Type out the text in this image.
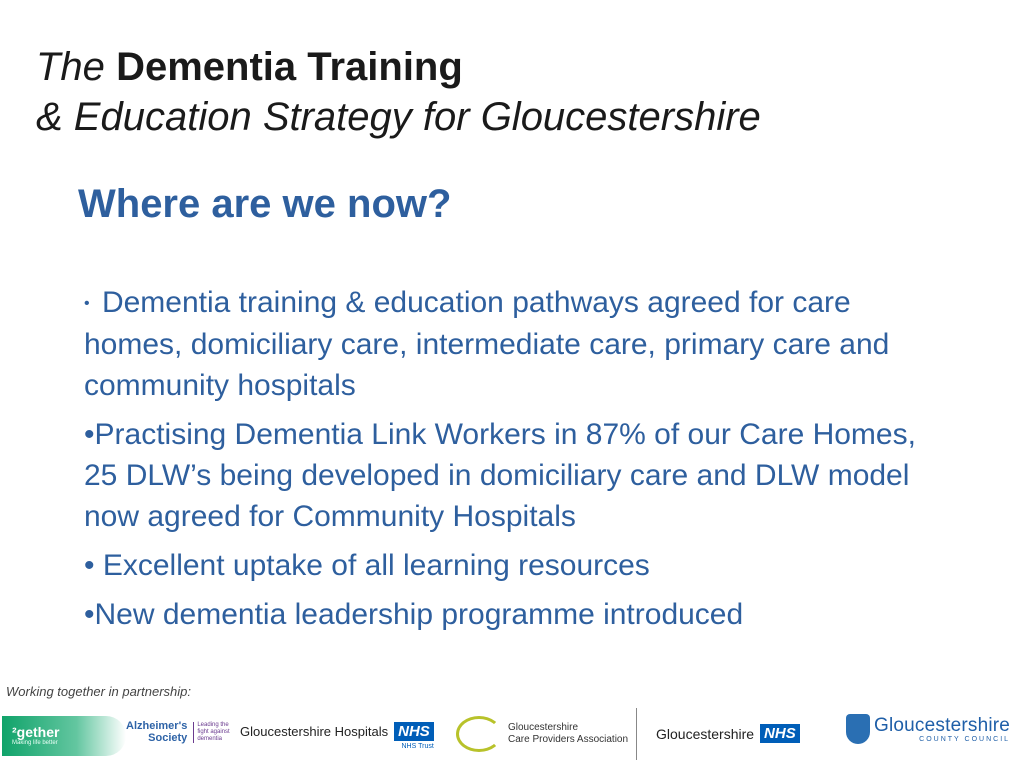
The Dementia Training
& Education Strategy for Gloucestershire
Where are we now?
• Dementia training & education pathways agreed for care homes, domiciliary care, intermediate care, primary care and community hospitals
•Practising Dementia Link Workers in 87% of our Care Homes, 25 DLW’s being developed in domiciliary care and DLW model now agreed for Community Hospitals
• Excellent uptake of all learning resources
•New dementia leadership programme introduced
Working together in partnership:
²gether
Making life better
Alzheimer's
Society
Leading the fight against dementia	Gloucestershire Hospitals NHS
NHS Trust
Gloucestershire
Care Providers Association Gloucestershire NHS	Gloucestershire
COUNTY COUNCIL
